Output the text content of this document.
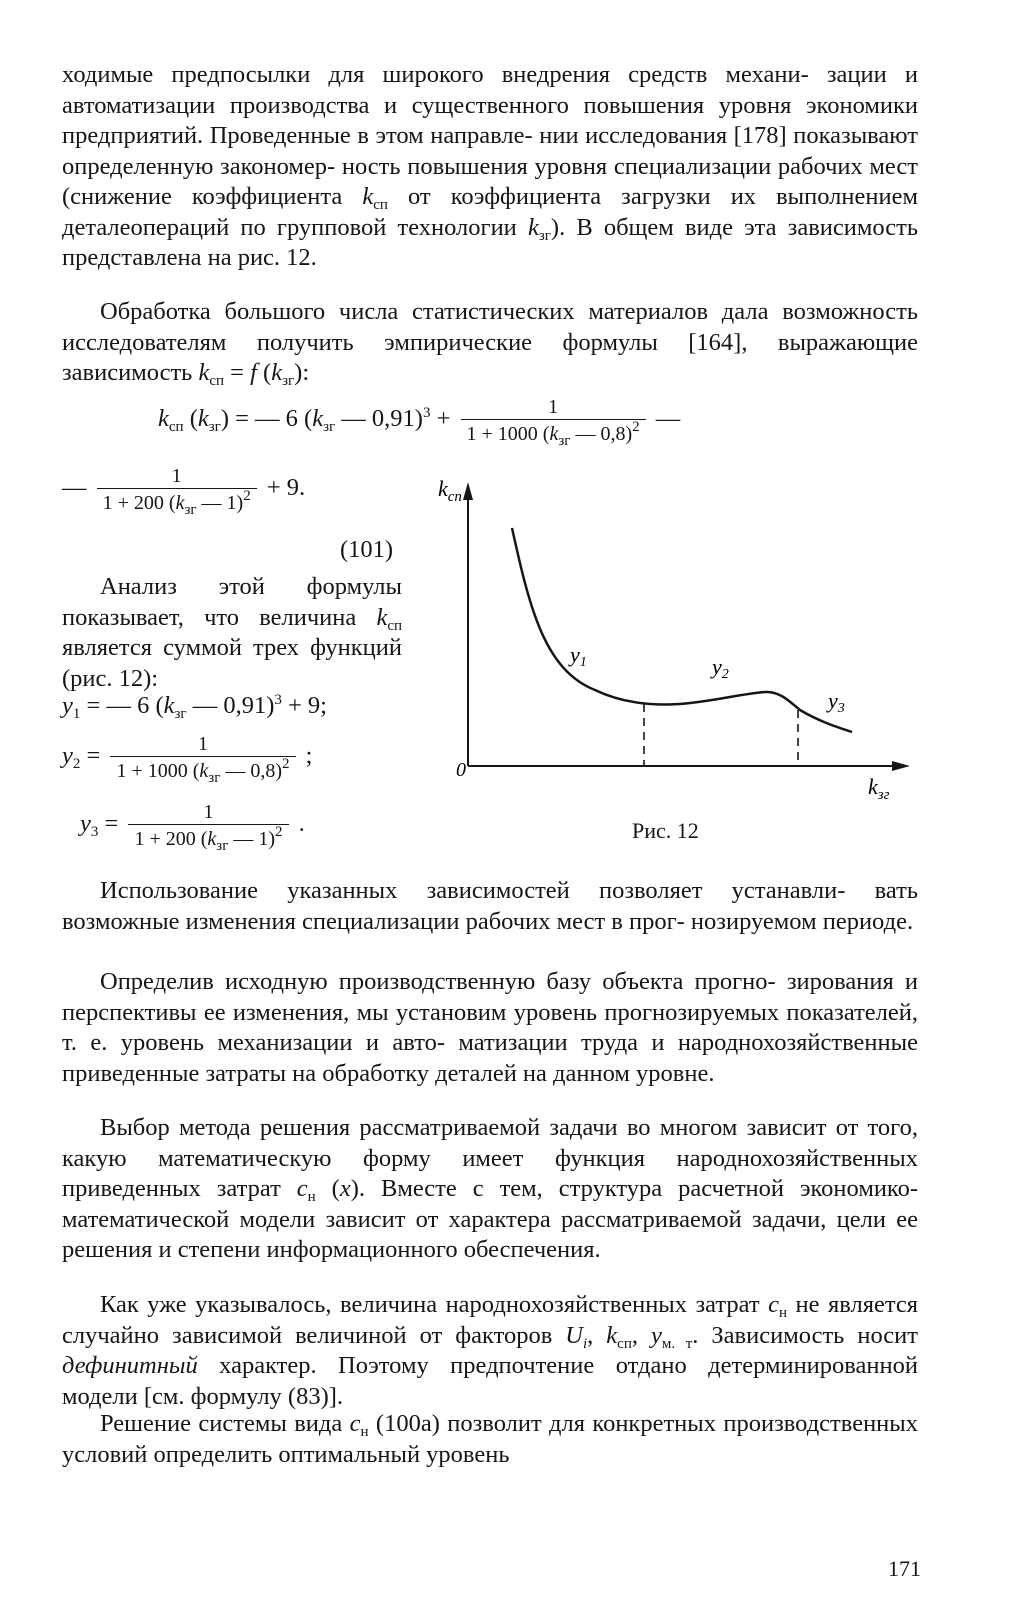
ходимые предпосылки для широкого внедрения средств механи- зации и автоматизации производства и существенного повышения уровня экономики предприятий. Проведенные в этом направле- нии исследования [178] показывают определенную закономер- ность повышения уровня специализации рабочих мест (снижение коэффициента $k_{сп}$ от коэффициента загрузки их выполнением деталеопераций по групповой технологии $k_{зг}$). В общем виде эта зависимость представлена на рис. 12.

Обработка большого числа статистических материалов дала возможность исследователям получить эмпирические формулы [164], выражающие зависимость $k_{сп} = f$ $(k_{зг})$:

$k_{сп}$ $(k_{зг})$ = — 6 ($k_{зг}$ — $0,91)^3 + \frac{1}{1 + 1000 (k_{зг} — 0,8)^2}$ —
— $\frac{1}{1 + 200 (k_{зг} — 1)^2} + 9$.
(101)
Анализ этой формулы показывает, что величина $k_{сп}$ является суммой трех функций (рис. 12):
$y_1$ = — 6 ($k_{зг}$ — 0,91)$^3$ + 9;
$y_2 = \frac{1}{1 + 1000 (k_{зг} — 0,8)^2}$ ;
$y_3 = \frac{1}{1 + 200 (k_{зг} — 1)^2}$ .
$k_{сп}$
$k_{зг}$
0
y1	y2
y3
Рис. 12

Использование указанных зависимостей позволяет устанавли- вать возможные изменения специализации рабочих мест в прог- нозируемом периоде.

Определив исходную производственную базу объекта прогно- зирования и перспективы ее изменения, мы установим уровень прогнозируемых показателей, т. е. уровень механизации и авто- матизации труда и народнохозяйственные приведенные затраты на обработку деталей на данном уровне.

Выбор метода решения рассматриваемой задачи во многом зависит от того, какую математическую форму имеет функция народнохозяйственных приведенных затрат $с_н$ (x). Вместе с тем, структура расчетной экономико-математической модели зависит от характера рассматриваемой задачи, цели ее решения и степени информационного обеспечения.

Как уже указывалось, величина народнохозяйственных затрат $с_н$ не является случайно зависимой величиной от факторов $U_i$, $k_{сп}$, $y_{м. т}$. Зависимость носит дефинитный характер. Поэтому предпочтение отдано детерминированной модели [см. формулу (83)].

Решение системы вида $с_н$ (100а) позволит для конкретных производственных условий определить оптимальный уровень

171
